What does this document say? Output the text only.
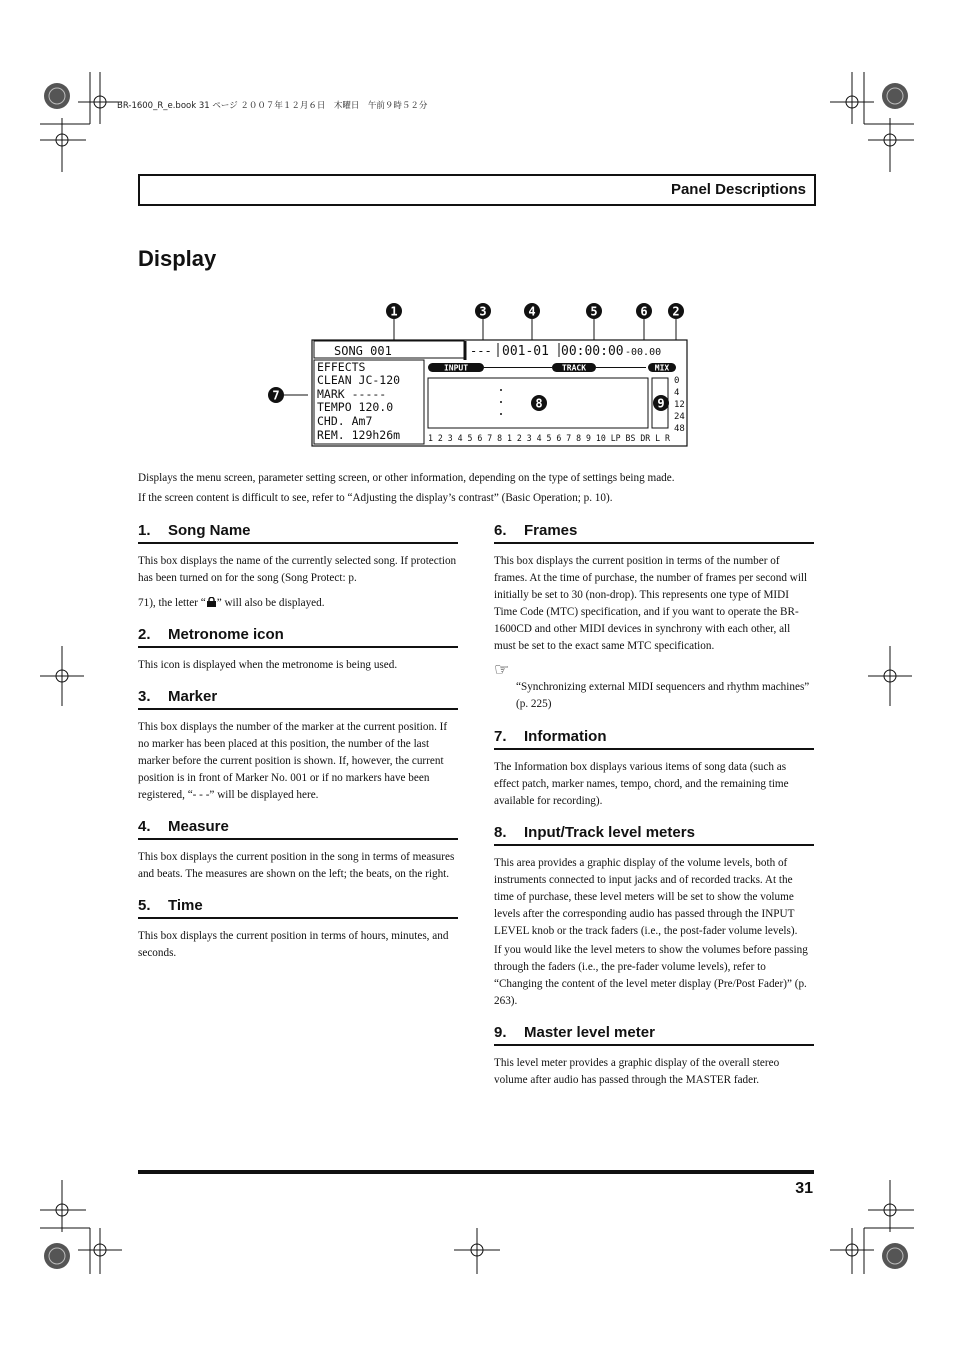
BR-1600_R_e.book 31 ページ ２００７年１２月６日　木曜日　午前９時５２分
Panel Descriptions
Display
1	3	4	5	6 2
7
8	9
SONG 001	--- 001-01 00:00:00 -00.00
EFFECTS
CLEAN JC-120
MARK -----
TEMPO 120.0
CHD. Am7
REM. 129h26m
INPUT	TRACK	MIX
0
4
12
24
48
1 2 3 4 5 6 7 8 1 2 3 4 5 6 7 8 9 10 LP BS DR L R
Displays the menu screen, parameter setting screen, or other information, depending on the type of settings being made.
If the screen content is difficult to see, refer to “Adjusting the display’s contrast” (Basic Operation; p. 10).
1. Song Name

This box displays the name of the currently selected song. If protection has been turned on for the song (Song Protect: p.

71), the letter “ ” will also be displayed.

2. Metronome icon

This icon is displayed when the metronome is being used.

3. Marker

This box displays the number of the marker at the current position. If no marker has been placed at this position, the number of the last marker before the current position is shown. If, however, the current position is in front of Marker No. 001 or if no markers have been registered, “- - -” will be displayed here.

4. Measure

This box displays the current position in the song in terms of measures and beats. The measures are shown on the left; the beats, on the right.

5. Time

This box displays the current position in terms of hours, minutes, and seconds.

6. Frames

This box displays the current position in terms of the number of frames. At the time of purchase, the number of frames per second will initially be set to 30 (non-drop). This represents one type of MIDI Time Code (MTC) specification, and if you want to operate the BR-1600CD and other MIDI devices in synchrony with each other, all must be set to the exact same MTC specification.

☞

“Synchronizing external MIDI sequencers and rhythm machines” (p. 225)

7. Information

The Information box displays various items of song data (such as effect patch, marker names, tempo, chord, and the remaining time available for recording).

8. Input/Track level meters

This area provides a graphic display of the volume levels, both of instruments connected to input jacks and of recorded tracks. At the time of purchase, these level meters will be set to show the volume levels after the corresponding audio has passed through the INPUT LEVEL knob or the track faders (i.e., the post-fader volume levels).

If you would like the level meters to show the volumes before passing through the faders (i.e., the pre-fader volume levels), refer to “Changing the content of the level meter display (Pre/Post Fader)” (p. 263).

9. Master level meter

This level meter provides a graphic display of the overall stereo volume after audio has passed through the MASTER fader.

31
